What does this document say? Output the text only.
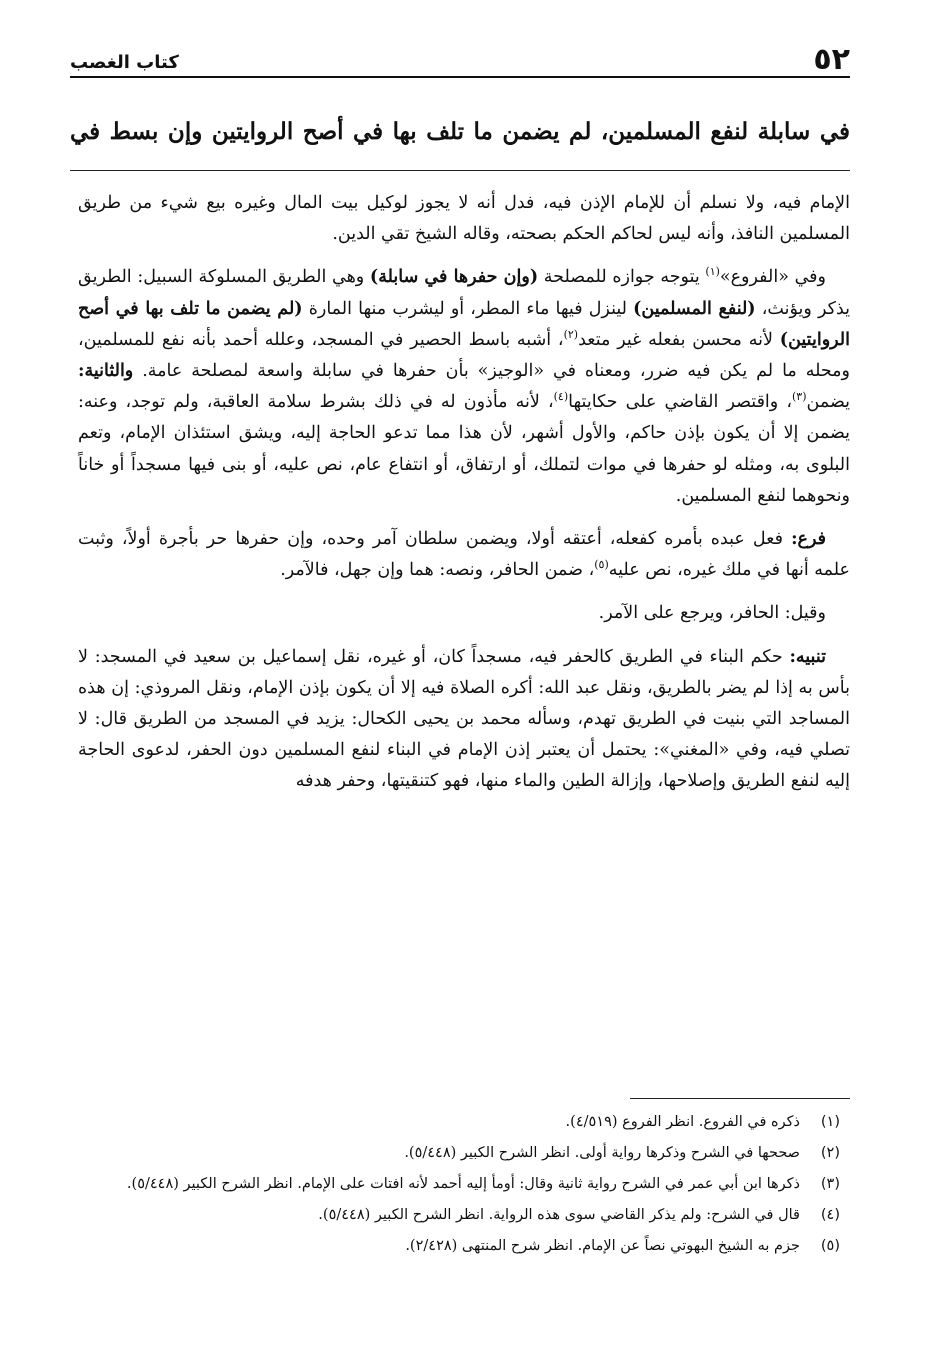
٥٢
كتاب الغصب
في سابلة لنفع المسلمين، لم يضمن ما تلف بها في أصح الروايتين وإن بسط في

الإمام فيه، ولا نسلم أن للإمام الإذن فيه، فدل أنه لا يجوز لوكيل بيت المال وغيره بيع شيء من طريق المسلمين النافذ، وأنه ليس لحاكم الحكم بصحته، وقاله الشيخ تقي الدين.

وفي «الفروع»$^{(١)}$ يتوجه جوازه للمصلحة (وإن حفرها في سابلة) وهي الطريق المسلوكة السبيل: الطريق يذكر ويؤنث، (لنفع المسلمين) لينزل فيها ماء المطر، أو ليشرب منها المارة (لم يضمن ما تلف بها في أصح الروايتين) لأنه محسن بفعله غير متعد$^{(٢)}$، أشبه باسط الحصير في المسجد، وعلله أحمد بأنه نفع للمسلمين، ومحله ما لم يكن فيه ضرر، ومعناه في «الوجيز» بأن حفرها في سابلة واسعة لمصلحة عامة. والثانية: يضمن$^{(٣)}$، واقتصر القاضي على حكايتها$^{(٤)}$، لأنه مأذون له في ذلك بشرط سلامة العاقبة، ولم توجد، وعنه: يضمن إلا أن يكون بإذن حاكم، والأول أشهر، لأن هذا مما تدعو الحاجة إليه، ويشق استئذان الإمام، وتعم البلوى به، ومثله لو حفرها في موات لتملك، أو ارتفاق، أو انتفاع عام، نص عليه، أو بنى فيها مسجداً أو خاناً ونحوهما لنفع المسلمين.

فرع: فعل عبده بأمره كفعله، أعتقه أولا، ويضمن سلطان آمر وحده، وإن حفرها حر بأجرة أولاً، وثبت علمه أنها في ملك غيره، نص عليه$^{(٥)}$، ضمن الحافر، ونصه: هما وإن جهل، فالآمر.

وقيل: الحافر، ويرجع على الآمر.

تنبيه: حكم البناء في الطريق كالحفر فيه، مسجداً كان، أو غيره، نقل إسماعيل بن سعيد في المسجد: لا بأس به إذا لم يضر بالطريق، ونقل عبد الله: أكره الصلاة فيه إلا أن يكون بإذن الإمام، ونقل المروذي: إن هذه المساجد التي بنيت في الطريق تهدم، وسأله محمد بن يحيى الكحال: يزيد في المسجد من الطريق قال: لا تصلي فيه، وفي «المغني»: يحتمل أن يعتبر إذن الإمام في البناء لنفع المسلمين دون الحفر، لدعوى الحاجة إليه لنفع الطريق وإصلاحها، وإزالة الطين والماء منها، فهو كتنقيتها، وحفر هدفه

(١)
ذكره في الفروع. انظر الفروع (٤/٥١٩).
(٢)
صححها في الشرح وذكرها رواية أولى. انظر الشرح الكبير (٥/٤٤٨).
(٣)
ذكرها ابن أبي عمر في الشرح رواية ثانية وقال: أومأ إليه أحمد لأنه افتات على الإمام. انظر الشرح الكبير (٥/٤٤٨).
(٤)
قال في الشرح: ولم يذكر القاضي سوى هذه الرواية. انظر الشرح الكبير (٥/٤٤٨).
(٥)
جزم به الشيخ البهوتي نصاً عن الإمام. انظر شرح المنتهى (٢/٤٢٨).
